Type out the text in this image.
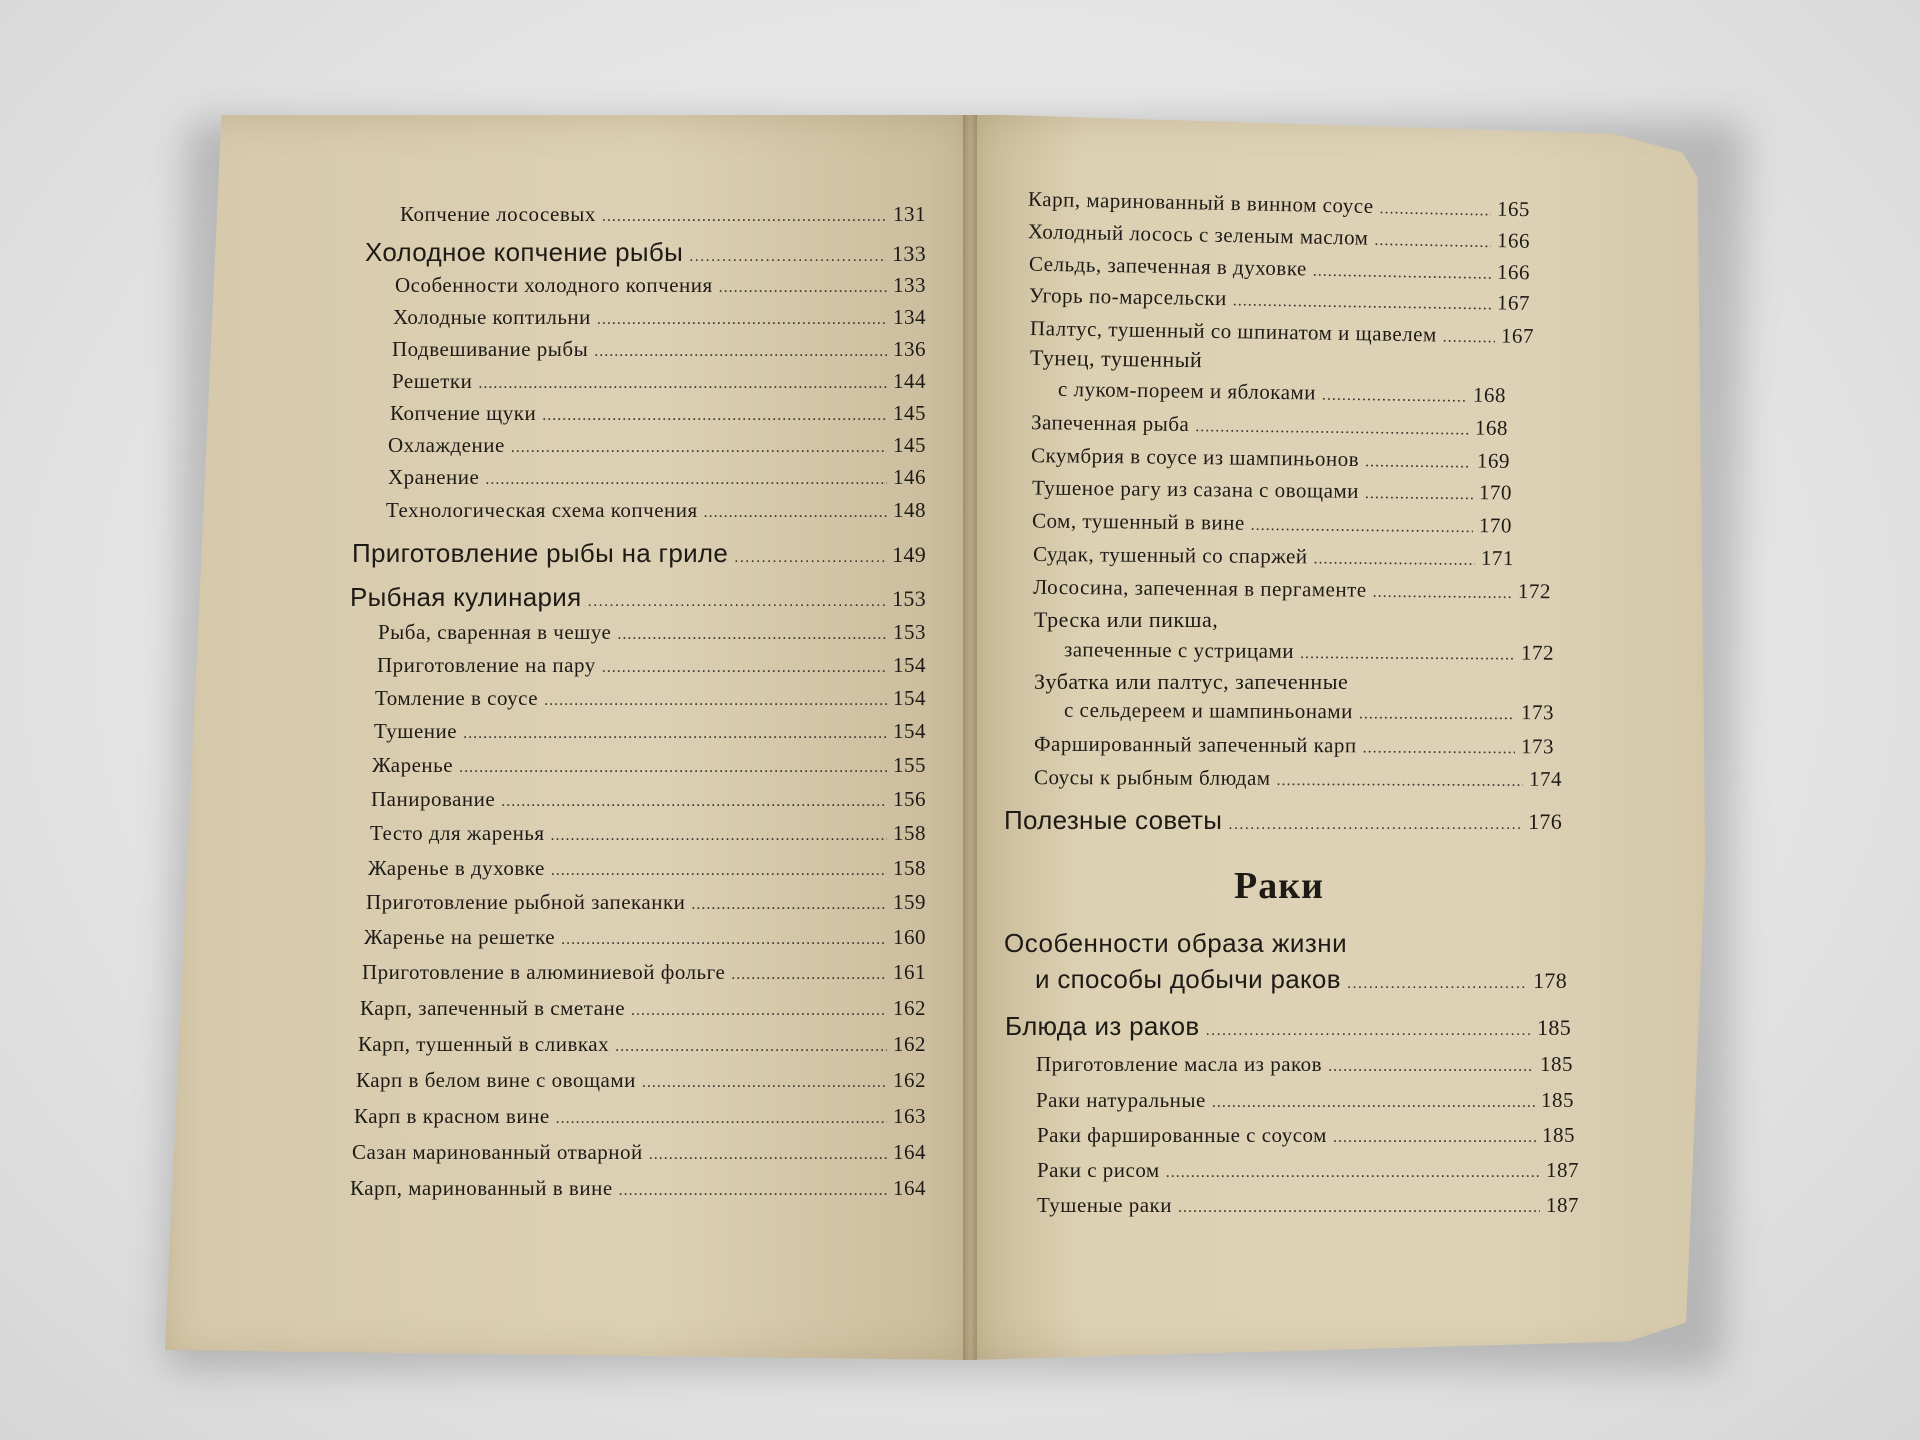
Копчение лососевых .....	131
Холодное копчение рыбы .....	133
Особенности холодного копчения .....	133
Холодные коптильни .....	134
Подвешивание рыбы .....	136
Решетки .....	144
Копчение щуки .....	145
Охлаждение .....	145
Хранение .....	146
Технологическая схема копчения .....	148
Приготовление рыбы на гриле .....	149
Рыбная кулинария .....	153
Рыба, сваренная в чешуе .....	153
Приготовление на пару .....	154
Томление в соусе .....	154
Тушение .....	154
Жаренье .....	155
Панирование .....	156
Тесто для жаренья .....	158
Жаренье в духовке .....	158
Приготовление рыбной запеканки .....	159
Жаренье на решетке .....	160
Приготовление в алюминиевой фольге .....	161
Карп, запеченный в сметане .....	162
Карп, тушенный в сливках .....	162
Карп в белом вине с овощами .....	162
Карп в красном вине .....	163
Сазан маринованный отварной .....	164
Карп, маринованный в вине .....	164
Карп, маринованный в винном соусе .....	165
Холодный лосось с зеленым маслом .....	166
Сельдь, запеченная в духовке .....	166
Угорь по-марсельски .....	167
Палтус, тушенный со шпинатом и щавелем .....	167
Тунец, тушенный
с луком-пореем и яблоками .....	168
Запеченная рыба .....	168
Скумбрия в соусе из шампиньонов .....	169
Тушеное рагу из сазана с овощами .....	170
Сом, тушенный в вине .....	170
Судак, тушенный со спаржей .....	171
Лососина, запеченная в пергаменте .....	172
Треска или пикша,
запеченные с устрицами .....	172
Зубатка или палтус, запеченные
с сельдереем и шампиньонами .....	173
Фаршированный запеченный карп .....	173
Соусы к рыбным блюдам .....	174
Полезные советы .....	176
Раки
Особенности образа жизни
и способы добычи раков .....	178
Блюда из раков .....	185
Приготовление масла из раков .....	185
Раки натуральные .....	185
Раки фаршированные с соусом .....	185
Раки с рисом .....	187
Тушеные раки .....	187
